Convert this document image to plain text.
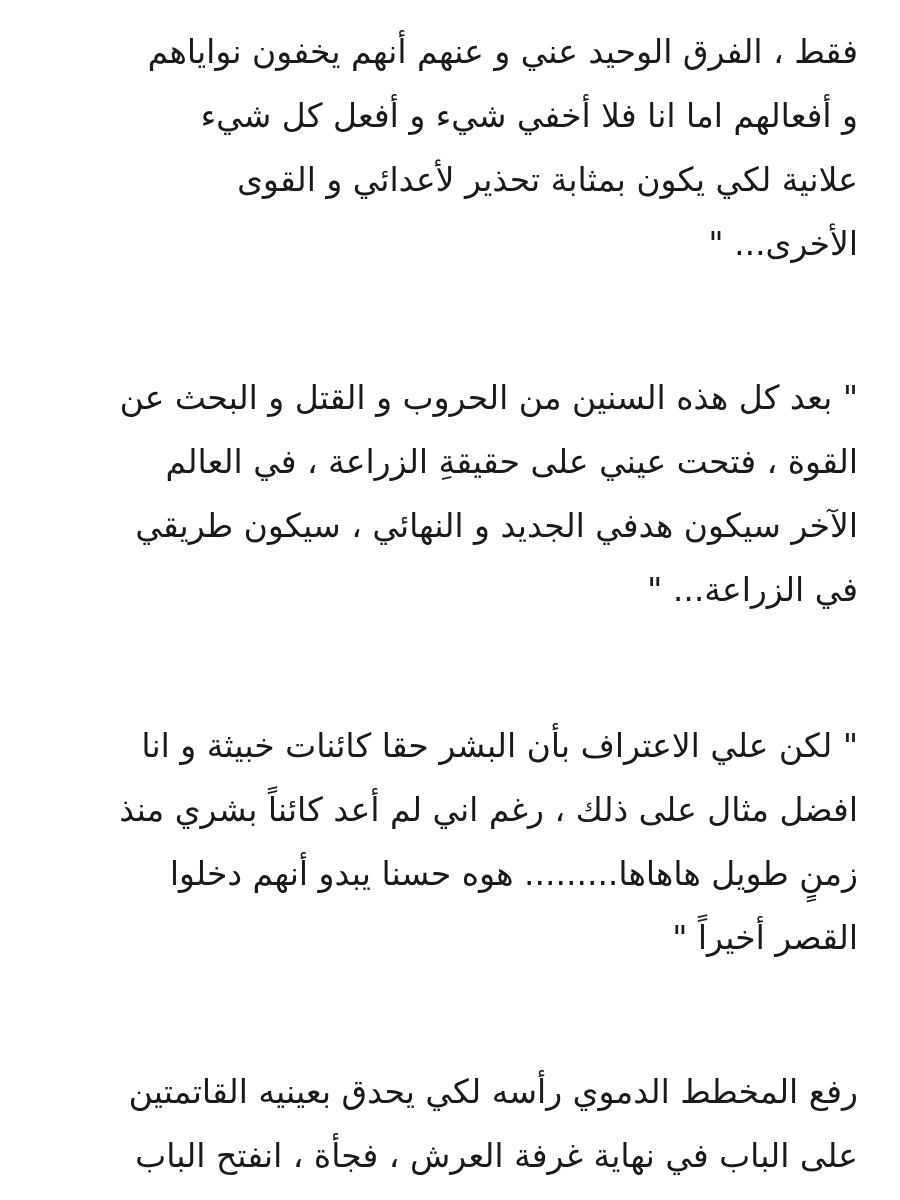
فقط ، الفرق الوحيد عني و عنهم أنهم يخفون نواياهم
و أفعالهم اما انا فلا أخفي شيء و أفعل كل شيء
علانية لكي يكون بمثابة تحذير لأعدائي و القوى
الأخرى... "
" بعد كل هذه السنين من الحروب و القتل و البحث عن
القوة ، فتحت عيني على حقيقةِ الزراعة ، في العالم
الآخر سيكون هدفي الجديد و النهائي ، سيكون طريقي
في الزراعة... "
" لكن علي الاعتراف بأن البشر حقا كائنات خبيثة و انا
افضل مثال على ذلك ، رغم اني لم أعد كائناً بشري منذ
زمنٍ طويل هاهاها......... هوه حسنا يبدو أنهم دخلوا
القصر أخيراً "
رفع المخطط الدموي رأسه لكي يحدق بعينيه القاتمتين
على الباب في نهاية غرفة العرش ، فجأة ، انفتح الباب
